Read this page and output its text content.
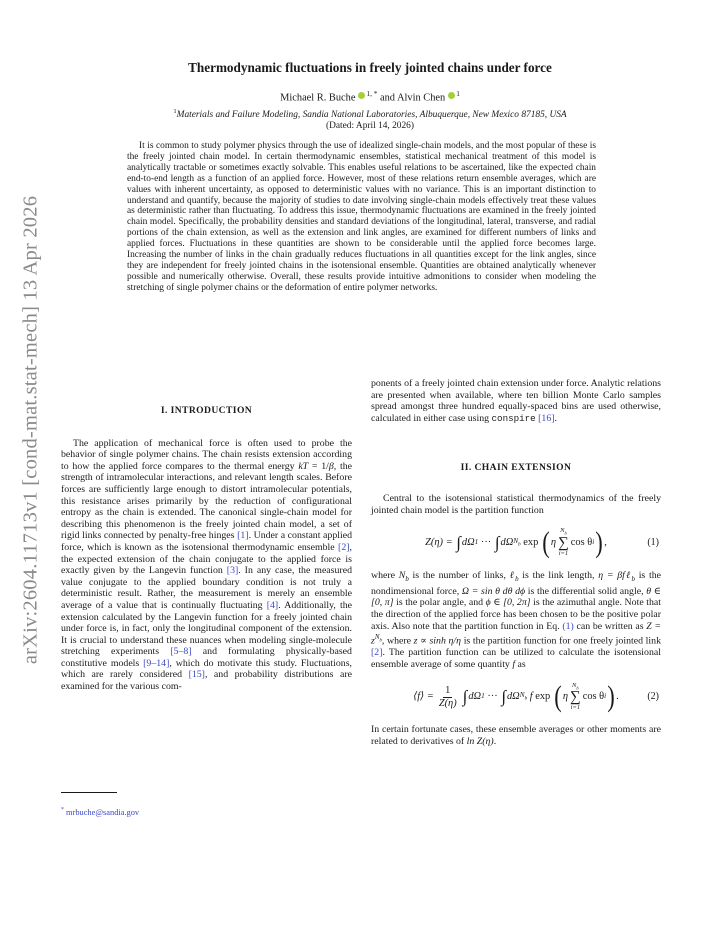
arXiv:2604.11713v1 [cond-mat.stat-mech] 13 Apr 2026
Thermodynamic fluctuations in freely jointed chains under force
Michael R. Buche $^{1, *}$ and Alvin Chen $^1$
$^1$Materials and Failure Modeling, Sandia National Laboratories, Albuquerque, New Mexico 87185, USA
(Dated: April 14, 2026)

It is common to study polymer physics through the use of idealized single-chain models, and the most popular of these is the freely jointed chain model. In certain thermodynamic ensembles, statistical mechanical treatment of this model is analytically tractable or sometimes exactly solvable. This enables useful relations to be ascertained, like the expected chain end-to-end length as a function of an applied force. However, most of these relations return ensemble averages, which are values with inherent uncertainty, as opposed to deterministic values with no variance. This is an important distinction to understand and quantify, because the majority of studies to date involving single-chain models effectively treat these values as deterministic rather than fluctuating. To address this issue, thermodynamic fluctuations are examined in the freely jointed chain model. Specifically, the probability densities and standard deviations of the longitudinal, lateral, transverse, and radial portions of the chain extension, as well as the extension and link angles, are examined for different numbers of links and applied forces. Fluctuations in these quantities are shown to be considerable until the applied force becomes large. Increasing the number of links in the chain gradually reduces fluctuations in all quantities except for the link angles, since they are independent for freely jointed chains in the isotensional ensemble. Quantities are obtained analytically whenever possible and numerically otherwise. Overall, these results provide intuitive admonitions to consider when modeling the stretching of single polymer chains or the deformation of entire polymer networks.

I. INTRODUCTION

The application of mechanical force is often used to probe the behavior of single polymer chains. The chain resists extension according to how the applied force compares to the thermal energy kT = 1/β, the strength of intramolecular interactions, and relevant length scales. Before forces are sufficiently large enough to distort intramolecular potentials, this resistance arises primarily by the reduction of configurational entropy as the chain is extended. The canonical single-chain model for describing this phenomenon is the freely jointed chain model, a set of rigid links connected by penalty-free hinges [1]. Under a constant applied force, which is known as the isotensional thermodynamic ensemble [2], the expected extension of the chain conjugate to the applied force is exactly given by the Langevin function [3]. In any case, the measured value conjugate to the applied boundary condition is not truly a deterministic result. Rather, the measurement is merely an ensemble average of a value that is continually fluctuating [4]. Additionally, the extension calculated by the Langevin function for a freely jointed chain under force is, in fact, only the longitudinal component of the extension. It is crucial to understand these nuances when modeling single-molecule stretching experiments [5–8] and formulating physically-based constitutive models [9–14], which do motivate this study. Fluctuations, which are rarely considered [15], and probability distributions are examined for the various com-

ponents of a freely jointed chain extension under force. Analytic relations are presented when available, where ten billion Monte Carlo samples spread amongst three hundred equally-spaced bins are used otherwise, calculated in either case using conspire [16].

II. CHAIN EXTENSION

Central to the isotensional statistical thermodynamics of the freely jointed chain model is the partition function

Z(η) =
∫ dΩ 1
···
∫ dΩ $N_b$
exp
( η
$N_b$
∑
i=1
cos θ i ) ,	(1)

where $N_b$ is the number of links, ℓ$_b$ is the link length, η = βfℓ$_b$ is the nondimensional force, Ω = sin θ dθ dϕ is the differential solid angle, θ ∈ [0, π] is the polar angle, and ϕ ∈ [0, 2π] is the azimuthal angle. Note that the direction of the applied force has been chosen to be the positive polar axis. Also note that the partition function in Eq. (1) can be written as $Z = z^{N_b}$, where z ∝ sinh η/η is the partition function for one freely jointed link [2]. The partition function can be utilized to calculate the isotensional ensemble average of some quantity f as

⟨f⟩ = $\frac{1}{Z(\eta)}$ ∫ dΩ 1
···
∫ dΩ $N_b$
f
exp
( η
$N_b$
∑
i=1
cos θ i ) .	(2)

In certain fortunate cases, these ensemble averages or other moments are related to derivatives of ln Z(η).

* mrbuche@sandia.gov
